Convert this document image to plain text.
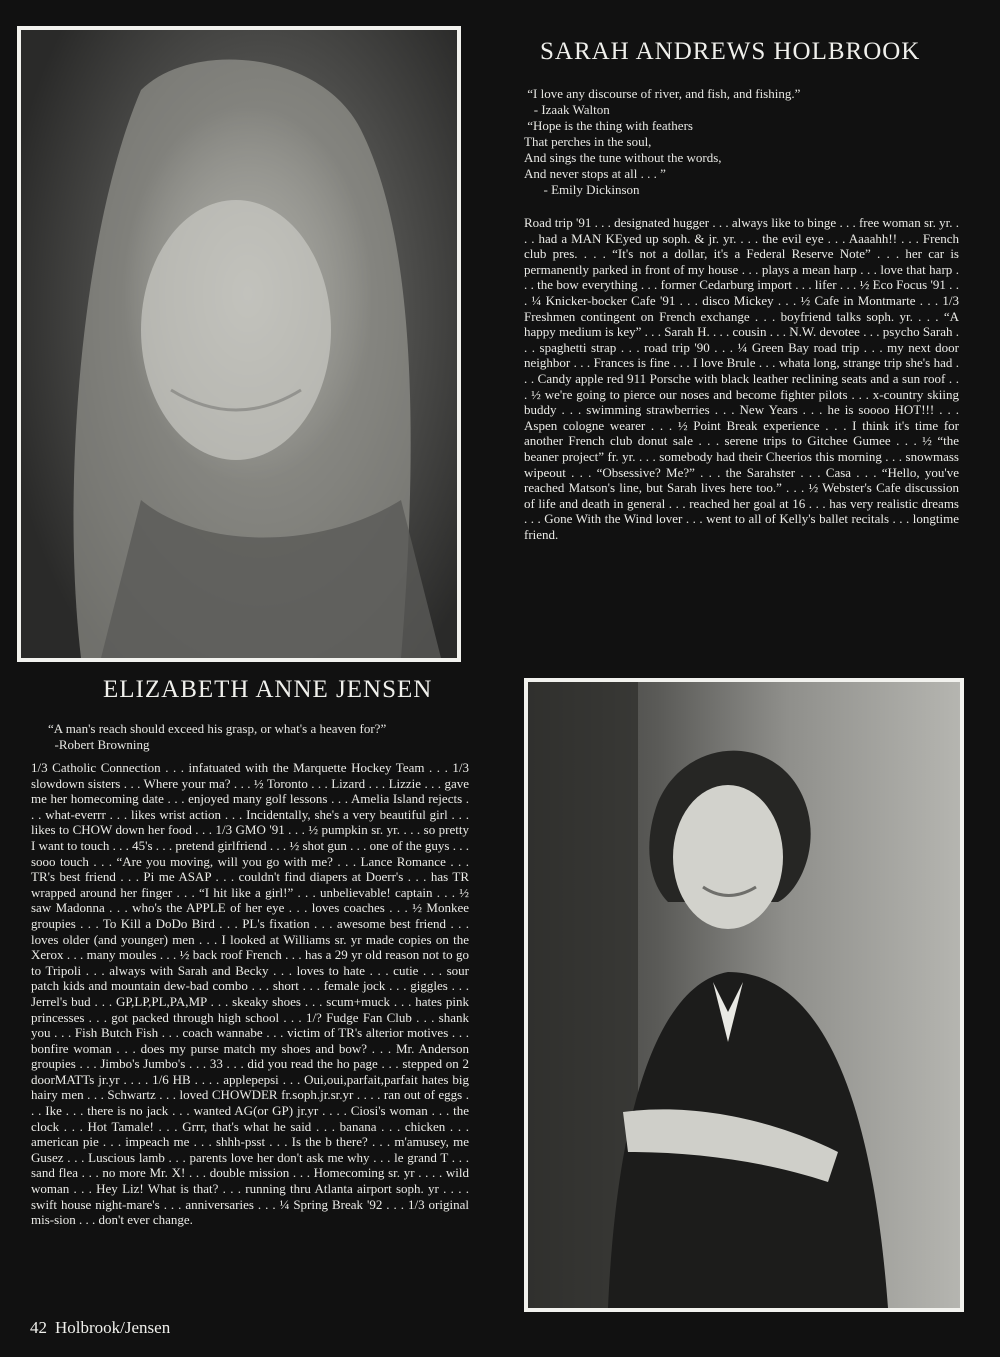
SARAH ANDREWS HOLBROOK
“I love any discourse of river, and fish, and fishing.”
- Izaak Walton
“Hope is the thing with feathers
That perches in the soul,
And sings the tune without the words,
And never stops at all . . . ”
- Emily Dickinson
Road trip '91 . . . designated hugger . . . always like to binge . . . free woman sr. yr. . . . had a MAN KEyed up soph. & jr. yr. . . . the evil eye . . . Aaaahh!! . . . French club pres. . . . “It's not a dollar, it's a Federal Reserve Note” . . . her car is permanently parked in front of my house . . . plays a mean harp . . . love that harp . . . the bow everything . . . former Cedarburg import . . . lifer . . . ½ Eco Focus '91 . . . ¼ Knicker-bocker Cafe '91 . . . disco Mickey . . . ½ Cafe in Montmarte . . . 1/3 Freshmen contingent on French exchange . . . boyfriend talks soph. yr. . . . “A happy medium is key” . . . Sarah H. . . . cousin . . . N.W. devotee . . . psycho Sarah . . . spaghetti strap . . . road trip '90 . . . ¼ Green Bay road trip . . . my next door neighbor . . . Frances is fine . . . I love Brule . . . whata long, strange trip she's had . . . Candy apple red 911 Porsche with black leather reclining seats and a sun roof . . . ½ we're going to pierce our noses and become fighter pilots . . . x-country skiing buddy . . . swimming strawberries . . . New Years . . . he is soooo HOT!!! . . . Aspen cologne wearer . . . ½ Point Break experience . . . I think it's time for another French club donut sale . . . serene trips to Gitchee Gumee . . . ½ “the beaner project” fr. yr. . . . somebody had their Cheerios this morning . . . snowmass wipeout . . . “Obsessive? Me?” . . . the Sarahster . . . Casa . . . “Hello, you've reached Matson's line, but Sarah lives here too.” . . . ½ Webster's Cafe discussion of life and death in general . . . reached her goal at 16 . . . has very realistic dreams . . . Gone With the Wind lover . . . went to all of Kelly's ballet recitals . . . longtime friend.
ELIZABETH ANNE JENSEN
“A man's reach should exceed his grasp, or what's a heaven for?”
-Robert Browning
1/3 Catholic Connection . . . infatuated with the Marquette Hockey Team . . . 1/3 slowdown sisters . . . Where your ma? . . . ½ Toronto . . . Lizard . . . Lizzie . . . gave me her homecoming date . . . enjoyed many golf lessons . . . Amelia Island rejects . . . what-everrr . . . likes wrist action . . . Incidentally, she's a very beautiful girl . . . likes to CHOW down her food . . . 1/3 GMO '91 . . . ½ pumpkin sr. yr. . . . so pretty I want to touch . . . 45's . . . pretend girlfriend . . . ½ shot gun . . . one of the guys . . . sooo touch . . . “Are you moving, will you go with me? . . . Lance Romance . . . TR's best friend . . . Pi me ASAP . . . couldn't find diapers at Doerr's . . . has TR wrapped around her finger . . . “I hit like a girl!” . . . unbelievable! captain . . . ½ saw Madonna . . . who's the APPLE of her eye . . . loves coaches . . . ½ Monkee groupies . . . To Kill a DoDo Bird . . . PL's fixation . . . awesome best friend . . . loves older (and younger) men . . . I looked at Williams sr. yr made copies on the Xerox . . . many moules . . . ½ back roof French . . . has a 29 yr old reason not to go to Tripoli . . . always with Sarah and Becky . . . loves to hate . . . cutie . . . sour patch kids and mountain dew-bad combo . . . short . . . female jock . . . giggles . . . Jerrel's bud . . . GP,LP,PL,PA,MP . . . skeaky shoes . . . scum+muck . . . hates pink princesses . . . got packed through high school . . . 1/? Fudge Fan Club . . . shank you . . . Fish Butch Fish . . . coach wannabe . . . victim of TR's alterior motives . . . bonfire woman . . . does my purse match my shoes and bow? . . . Mr. Anderson groupies . . . Jimbo's Jumbo's . . . 33 . . . did you read the ho page . . . stepped on 2 doorMATTs jr.yr . . . . 1/6 HB . . . . applepepsi . . . Oui,oui,parfait,parfait hates big hairy men . . . Schwartz . . . loved CHOWDER fr.soph.jr.sr.yr . . . . ran out of eggs . . . Ike . . . there is no jack . . . wanted AG(or GP) jr.yr . . . . Ciosi's woman . . . the clock . . . Hot Tamale! . . . Grrr, that's what he said . . . banana . . . chicken . . . american pie . . . impeach me . . . shhh-psst . . . Is the b there? . . . m'amusey, me Gusez . . . Luscious lamb . . . parents love her don't ask me why . . . le grand T . . . sand flea . . . no more Mr. X! . . . double mission . . . Homecoming sr. yr . . . . wild woman . . . Hey Liz! What is that? . . . running thru Atlanta airport soph. yr . . . . swift house night-mare's . . . anniversaries . . . ¼ Spring Break '92 . . . 1/3 original mis-sion . . . don't ever change.
42 Holbrook/Jensen
